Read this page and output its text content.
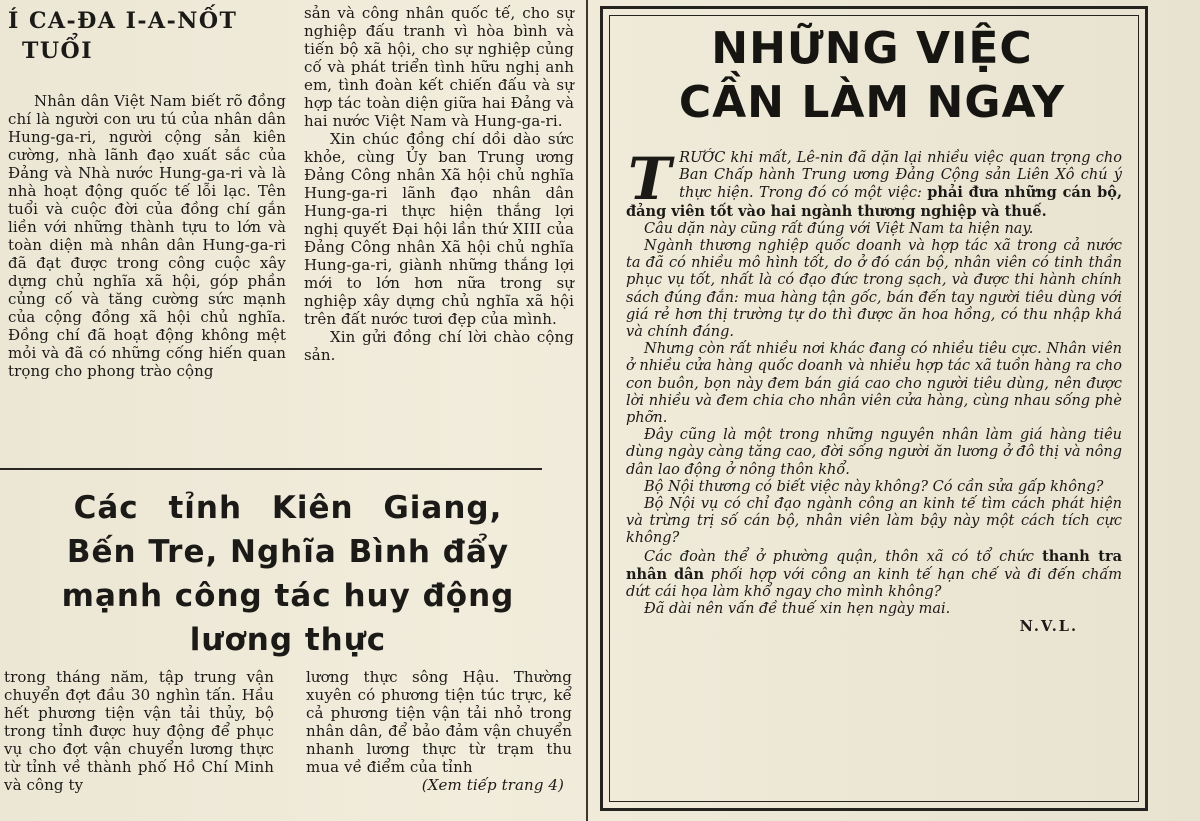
Í CA-ĐA I-A-NỐT
TUỔI

Nhân dân Việt Nam biết rõ đồng chí là người con ưu tú của nhân dân Hung-ga-ri, người cộng sản kiên cường, nhà lãnh đạo xuất sắc của Đảng và Nhà nước Hung-ga-ri và là nhà hoạt động quốc tế lỗi lạc. Tên tuổi và cuộc đời của đồng chí gắn liền với những thành tựu to lớn và toàn diện mà nhân dân Hung-ga-ri đã đạt được trong công cuộc xây dựng chủ nghĩa xã hội, góp phần củng cố và tăng cường sức mạnh của cộng đồng xã hội chủ nghĩa. Đồng chí đã hoạt động không mệt mỏi và đã có những cống hiến quan trọng cho phong trào cộng

sản và công nhân quốc tế, cho sự nghiệp đấu tranh vì hòa bình và tiến bộ xã hội, cho sự nghiệp củng cố và phát triển tình hữu nghị anh em, tình đoàn kết chiến đấu và sự hợp tác toàn diện giữa hai Đảng và hai nước Việt Nam và Hung-ga-ri.

Xin chúc đồng chí dồi dào sức khỏe, cùng Ủy ban Trung ương Đảng Công nhân Xã hội chủ nghĩa Hung-ga-ri lãnh đạo nhân dân Hung-ga-ri thực hiện thắng lợi nghị quyết Đại hội lần thứ XIII của Đảng Công nhân Xã hội chủ nghĩa Hung-ga-ri, giành những thắng lợi mới to lớn hơn nữa trong sự nghiệp xây dựng chủ nghĩa xã hội trên đất nước tươi đẹp của mình.

Xin gửi đồng chí lời chào cộng sản.

Các tỉnh Kiên Giang,
Bến Tre, Nghĩa Bình đẩy
mạnh công tác huy động
lương thực

trong tháng năm, tập trung vận chuyển đợt đầu 30 nghìn tấn. Hầu hết phương tiện vận tải thủy, bộ trong tỉnh được huy động để phục vụ cho đợt vận chuyển lương thực từ tỉnh về thành phố Hồ Chí Minh và công ty

lương thực sông Hậu. Thường xuyên có phương tiện túc trực, kể cả phương tiện vận tải nhỏ trong nhân dân, để bảo đảm vận chuyển nhanh lương thực từ trạm thu mua về điểm của tỉnh

(Xem tiếp trang 4)

NHỮNG VIỆC
CẦN LÀM NGAY

TRƯỚC khi mất, Lê-nin đã dặn lại nhiều việc quan trọng cho Ban Chấp hành Trung ương Đảng Cộng sản Liên Xô chú ý thực hiện. Trong đó có một việc: phải đưa những cán bộ, đảng viên tốt vào hai ngành thương nghiệp và thuế.

Câu dặn này cũng rất đúng với Việt Nam ta hiện nay.

Ngành thương nghiệp quốc doanh và hợp tác xã trong cả nước ta đã có nhiều mô hình tốt, do ở đó cán bộ, nhân viên có tinh thần phục vụ tốt, nhất là có đạo đức trong sạch, và được thi hành chính sách đúng đắn: mua hàng tận gốc, bán đến tay người tiêu dùng với giá rẻ hơn thị trường tự do thì được ăn hoa hồng, có thu nhập khá và chính đáng.

Nhưng còn rất nhiều nơi khác đang có nhiều tiêu cực. Nhân viên ở nhiều cửa hàng quốc doanh và nhiều hợp tác xã tuồn hàng ra cho con buôn, bọn này đem bán giá cao cho người tiêu dùng, nên được lời nhiều và đem chia cho nhân viên cửa hàng, cùng nhau sống phè phỡn.

Đây cũng là một trong những nguyên nhân làm giá hàng tiêu dùng ngày càng tăng cao, đời sống người ăn lương ở đô thị và nông dân lao động ở nông thôn khổ.

Bộ Nội thương có biết việc này không? Có cần sửa gấp không?

Bộ Nội vụ có chỉ đạo ngành công an kinh tế tìm cách phát hiện và trừng trị số cán bộ, nhân viên làm bậy này một cách tích cực không?

Các đoàn thể ở phường quận, thôn xã có tổ chức thanh tra nhân dân phối hợp với công an kinh tế hạn chế và đi đến chấm dứt cái họa làm khổ ngay cho mình không?

Đã dài nên vấn đề thuế xin hẹn ngày mai.

N.V.L.
